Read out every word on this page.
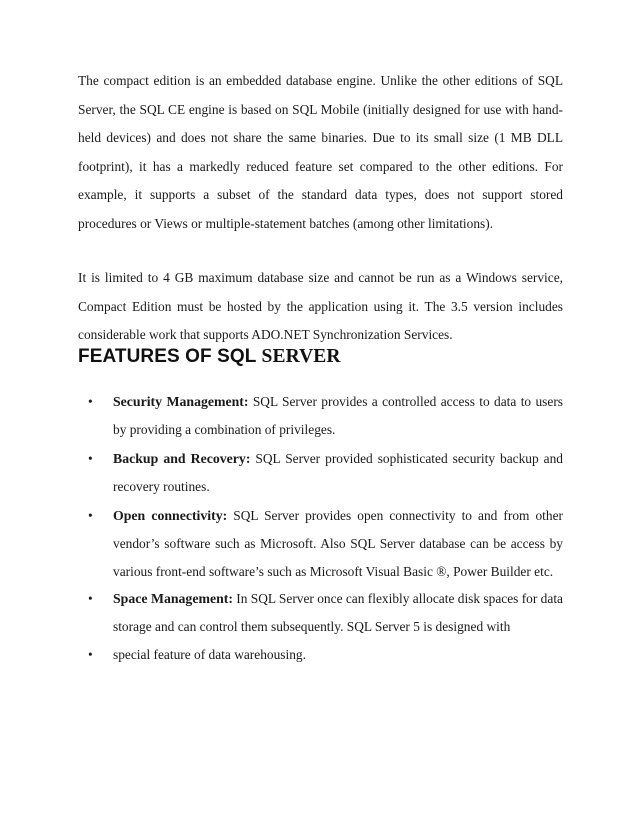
The compact edition is an embedded database engine. Unlike the other editions of SQL Server, the SQL CE engine is based on SQL Mobile (initially designed for use with hand-held devices) and does not share the same binaries. Due to its small size (1 MB DLL footprint), it has a markedly reduced feature set compared to the other editions. For example, it supports a subset of the standard data types, does not support stored procedures or Views or multiple-statement batches (among other limitations).

It is limited to 4 GB maximum database size and cannot be run as a Windows service, Compact Edition must be hosted by the application using it. The 3.5 version includes considerable work that supports ADO.NET Synchronization Services.

FEATURES OF SQL SERVER
• Security Management: SQL Server provides a controlled access to data to users by providing a combination of privileges.

• Backup and Recovery: SQL Server provided sophisticated security backup and recovery routines.

• Open connectivity: SQL Server provides open connectivity to and from other vendor’s software such as Microsoft. Also SQL Server database can be access by various front-end software’s such as Microsoft Visual Basic ®, Power Builder etc.

• Space Management: In SQL Server once can flexibly allocate disk spaces for data storage and can control them subsequently. SQL Server 5 is designed with

• special feature of data warehousing.
